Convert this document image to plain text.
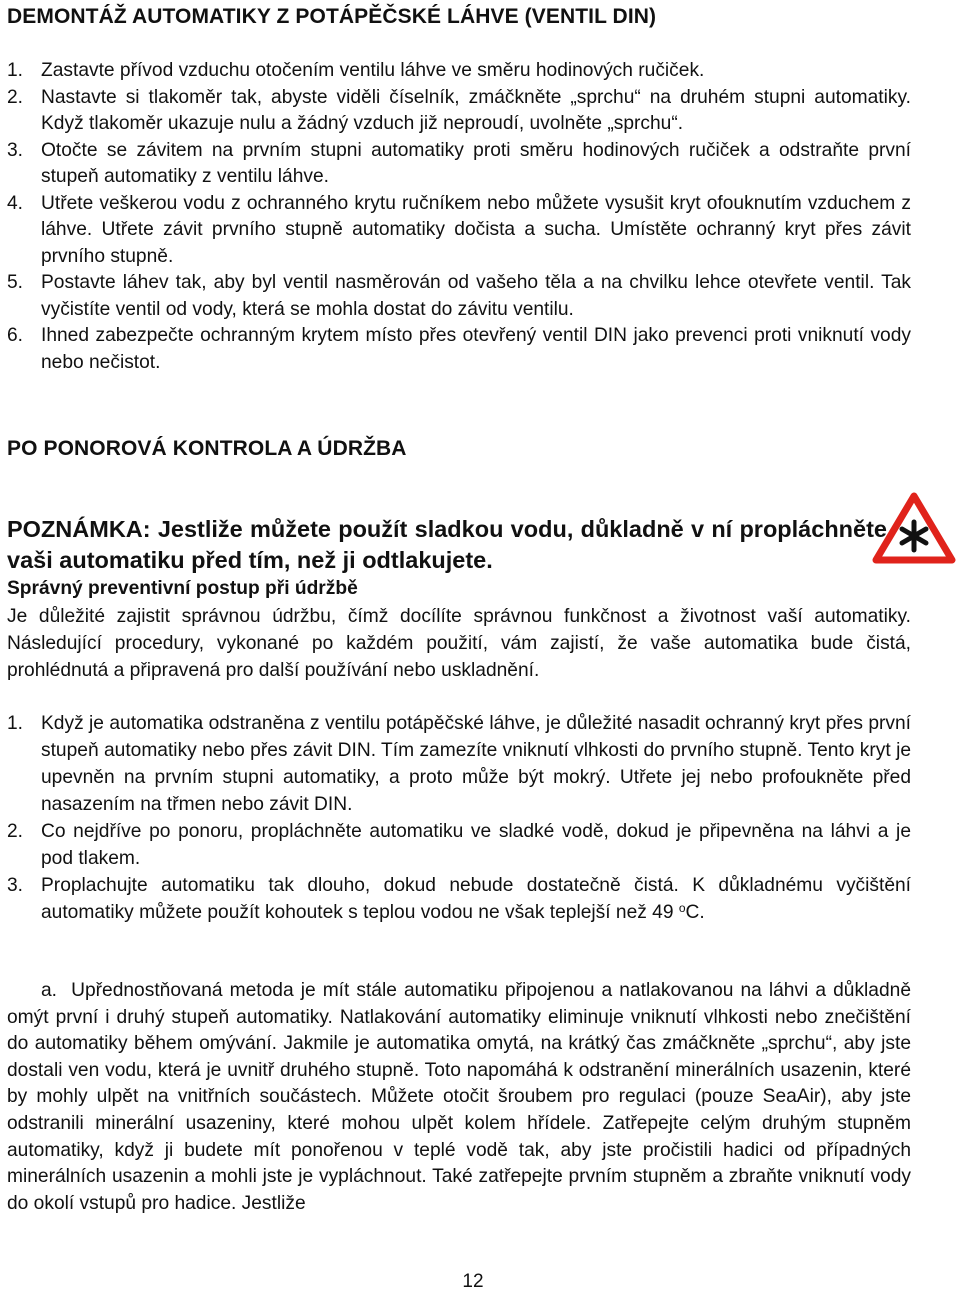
DEMONTÁŽ AUTOMATIKY Z POTÁPĚČSKÉ LÁHVE (VENTIL DIN)
1. Zastavte přívod vzduchu otočením ventilu láhve ve směru hodinových ručiček.
2. Nastavte si tlakoměr tak, abyste viděli číselník, zmáčkněte „sprchu“ na druhém stupni automatiky. Když tlakoměr ukazuje nulu a žádný vzduch již neproudí, uvolněte „sprchu“.
3. Otočte se závitem na prvním stupni automatiky proti směru hodinových ručiček a odstraňte první stupeň automatiky z ventilu láhve.
4. Utřete veškerou vodu z ochranného krytu ručníkem nebo můžete vysušit kryt ofouknutím vzduchem z láhve. Utřete závit prvního stupně automatiky dočista a sucha. Umístěte ochranný kryt přes závit prvního stupně.
5. Postavte láhev tak, aby byl ventil nasměrován od vašeho těla a na chvilku lehce otevřete ventil. Tak vyčistíte ventil od vody, která se mohla dostat do závitu ventilu.
6. Ihned zabezpečte ochranným krytem místo přes otevřený ventil DIN jako prevenci proti vniknutí vody nebo nečistot.
PO PONOROVÁ KONTROLA A ÚDRŽBA

POZNÁMKA: Jestliže můžete použít sladkou vodu, důkladně v ní propláchněte vaši automatiku před tím, než ji odtlakujete.

Správný preventivní postup při údržbě

Je důležité zajistit správnou údržbu, čímž docílíte správnou funkčnost a životnost vaší automatiky. Následující procedury, vykonané po každém použití, vám zajistí, že vaše automatika bude čistá, prohlédnutá a připravená pro další používání nebo uskladnění.

1. Když je automatika odstraněna z ventilu potápěčské láhve, je důležité nasadit ochranný kryt přes první stupeň automatiky nebo přes závit DIN. Tím zamezíte vniknutí vlhkosti do prvního stupně. Tento kryt je upevněn na prvním stupni automatiky, a proto může být mokrý. Utřete jej nebo profoukněte před nasazením na třmen nebo závit DIN.
2. Co nejdříve po ponoru, propláchněte automatiku ve sladké vodě, dokud je připevněna na láhvi a je pod tlakem.
3. Proplachujte automatiku tak dlouho, dokud nebude dostatečně čistá. K důkladnému vyčištění automatiky můžete použít kohoutek s teplou vodou ne však teplejší než 49 $^o$C.

a. Upřednostňovaná metoda je mít stále automatiku připojenou a natlakovanou na láhvi a důkladně omýt první i druhý stupeň automatiky. Natlakování automatiky eliminuje vniknutí vlhkosti nebo znečištění do automatiky během omývání. Jakmile je automatika omytá, na krátký čas zmáčkněte „sprchu“, aby jste dostali ven vodu, která je uvnitř druhého stupně. Toto napomáhá k odstranění minerálních usazenin, které by mohly ulpět na vnitřních součástech. Můžete otočit šroubem pro regulaci (pouze SeaAir), aby jste odstranili minerální usazeniny, které mohou ulpět kolem hřídele. Zatřepejte celým druhým stupněm automatiky, když ji budete mít ponořenou v teplé vodě tak, aby jste pročistili hadici od případných minerálních usazenin a mohli jste je vypláchnout. Také zatřepejte prvním stupněm a zbraňte vniknutí vody do okolí vstupů pro hadice. Jestliže

12
